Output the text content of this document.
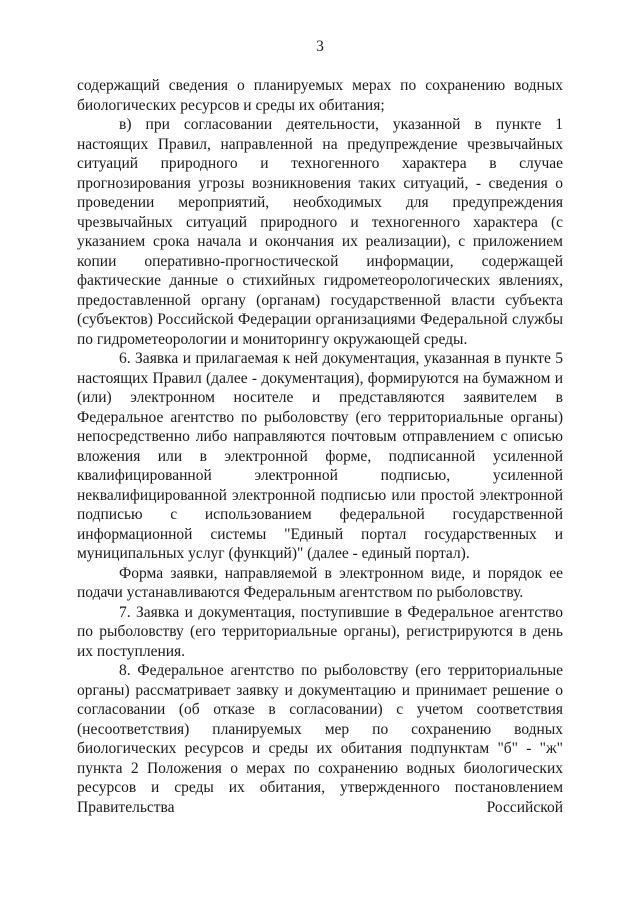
3

содержащий сведения о планируемых мерах по сохранению водных биологических ресурсов и среды их обитания;

в) при согласовании деятельности, указанной в пункте 1 настоящих Правил, направленной на предупреждение чрезвычайных ситуаций природного и техногенного характера в случае прогнозирования угрозы возникновения таких ситуаций, - сведения о проведении мероприятий, необходимых для предупреждения чрезвычайных ситуаций природного и техногенного характера (с указанием срока начала и окончания их реализации), с приложением копии оперативно-прогностической информации, содержащей фактические данные о стихийных гидрометеорологических явлениях, предоставленной органу (органам) государственной власти субъекта (субъектов) Российской Федерации организациями Федеральной службы по гидрометеорологии и мониторингу окружающей среды.

6. Заявка и прилагаемая к ней документация, указанная в пункте 5 настоящих Правил (далее - документация), формируются на бумажном и (или) электронном носителе и представляются заявителем в Федеральное агентство по рыболовству (его территориальные органы) непосредственно либо направляются почтовым отправлением с описью вложения или в электронной форме, подписанной усиленной квалифицированной электронной подписью, усиленной неквалифицированной электронной подписью или простой электронной подписью с использованием федеральной государственной информационной системы "Единый портал государственных и муниципальных услуг (функций)" (далее - единый портал).

Форма заявки, направляемой в электронном виде, и порядок ее подачи устанавливаются Федеральным агентством по рыболовству.

7. Заявка и документация, поступившие в Федеральное агентство по рыболовству (его территориальные органы), регистрируются в день их поступления.

8. Федеральное агентство по рыболовству (его территориальные органы) рассматривает заявку и документацию и принимает решение о согласовании (об отказе в согласовании) с учетом соответствия (несоответствия) планируемых мер по сохранению водных биологических ресурсов и среды их обитания подпунктам "б" - "ж" пункта 2 Положения о мерах по сохранению водных биологических ресурсов и среды их обитания, утвержденного постановлением Правительства Российской
